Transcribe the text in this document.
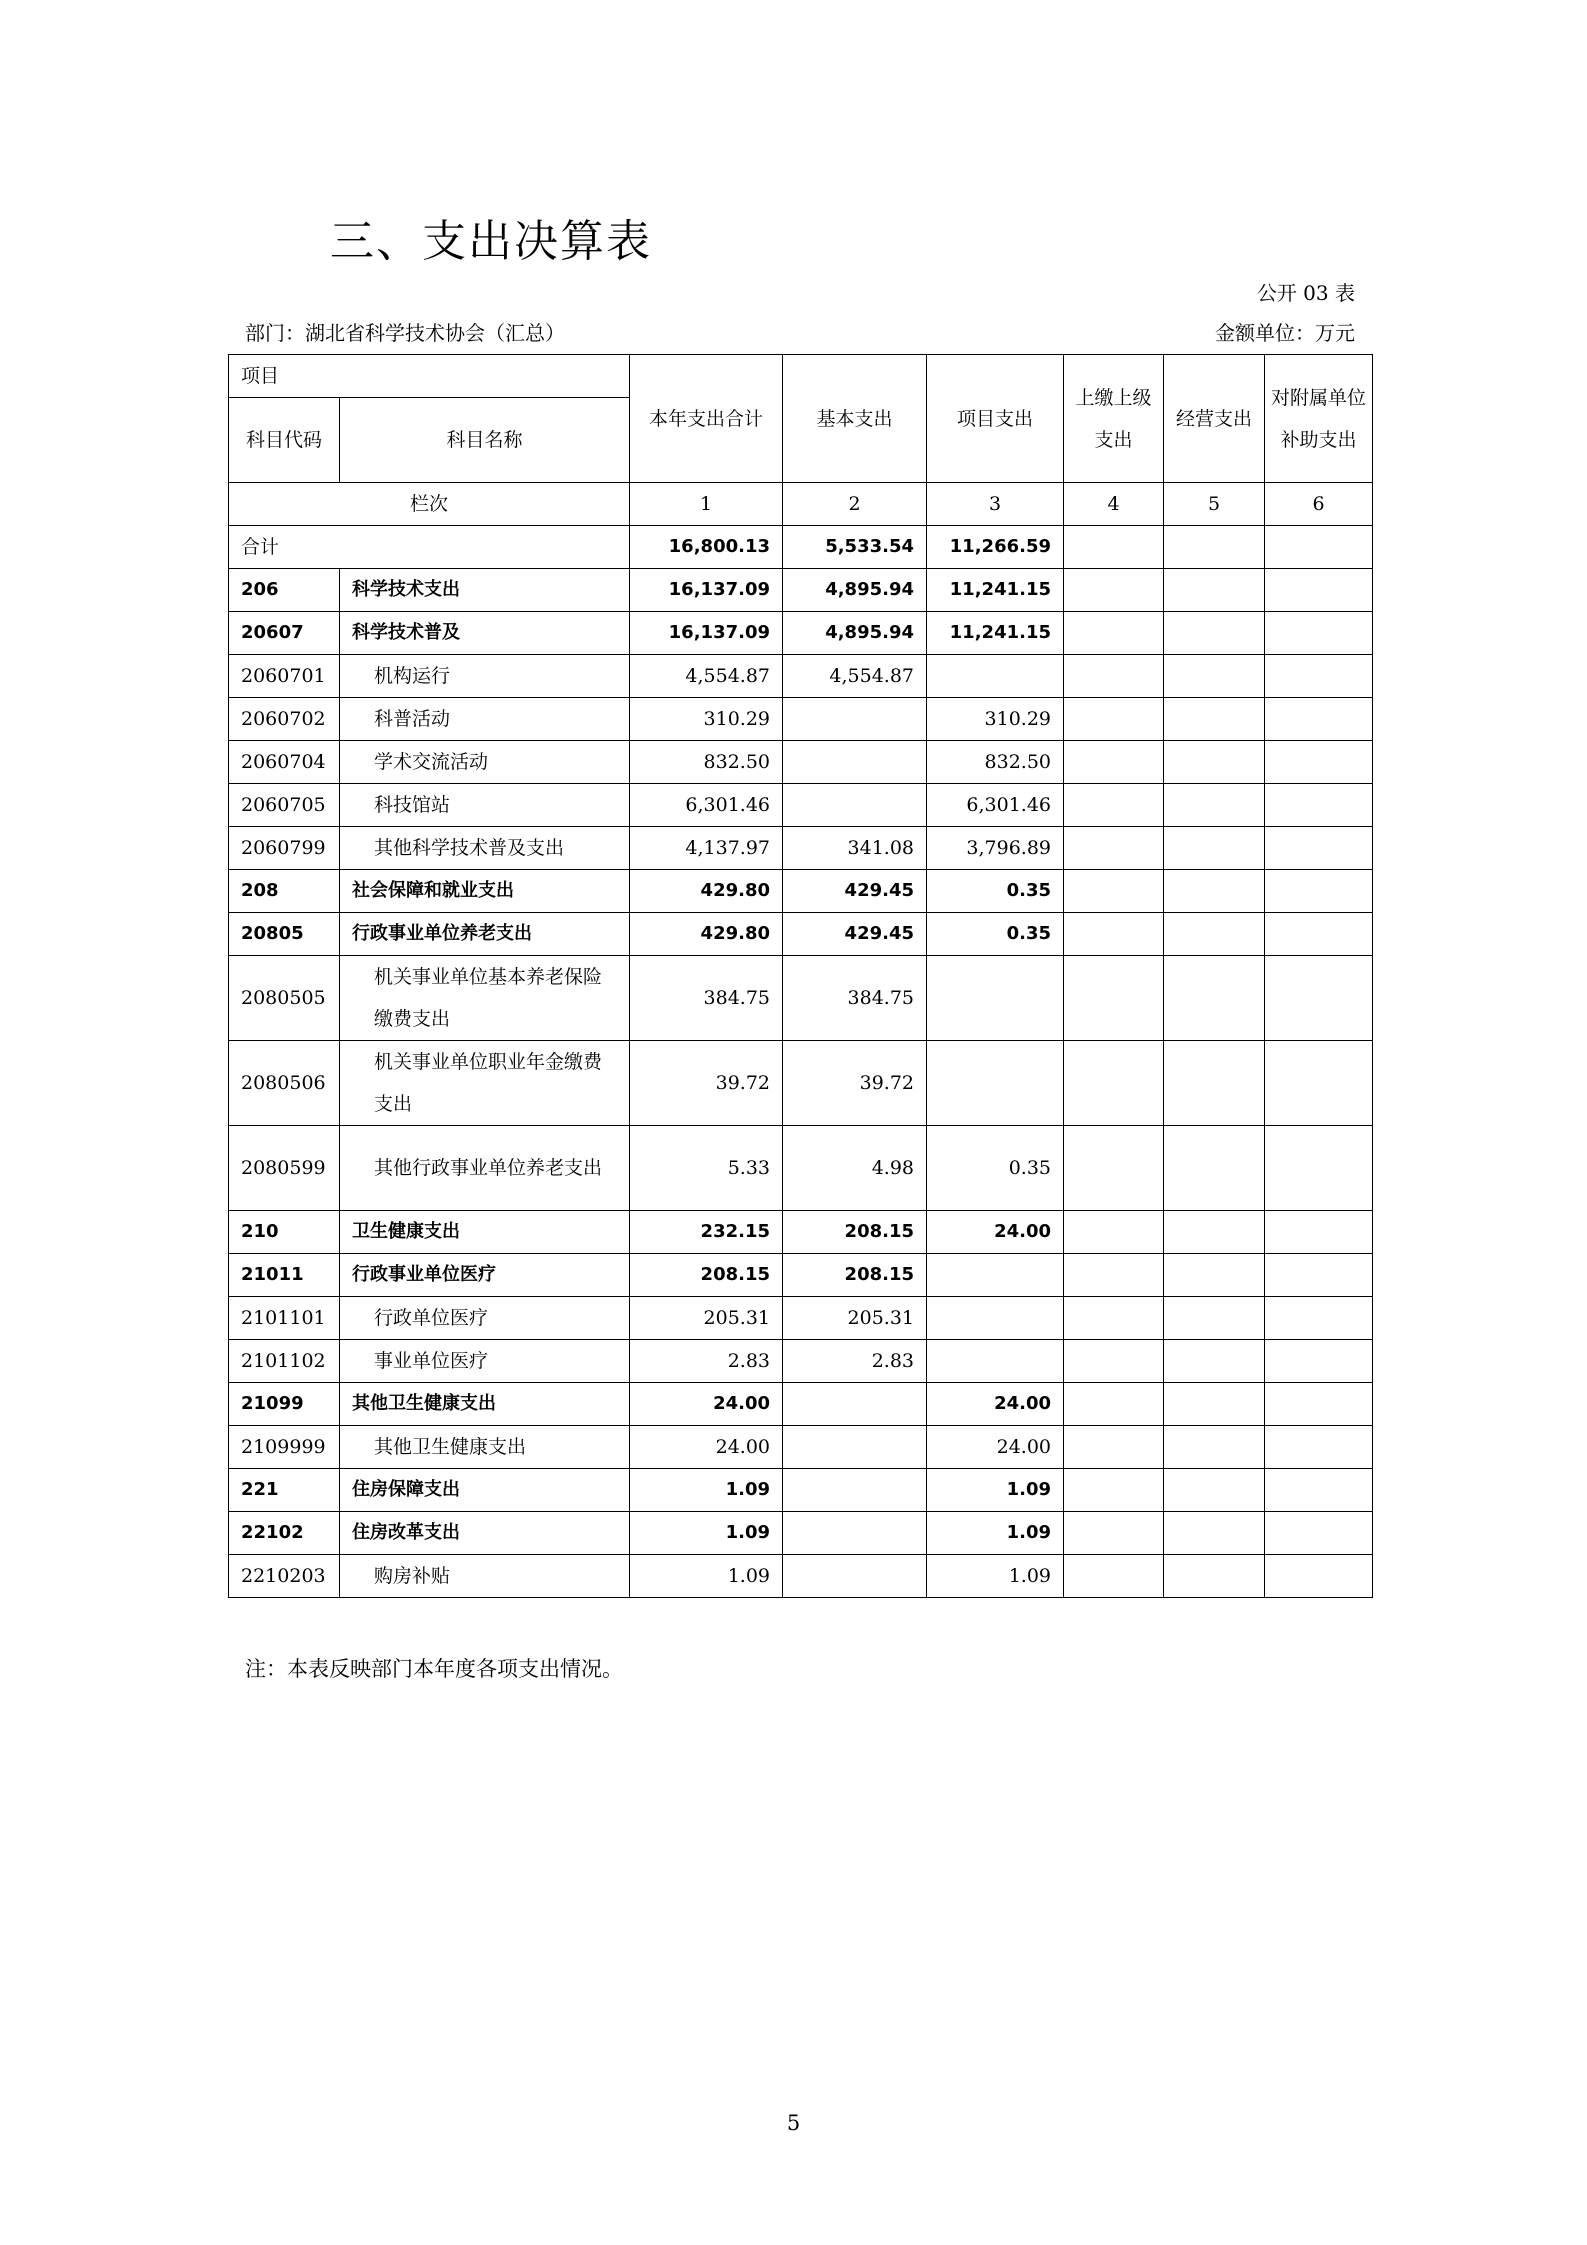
三、支出决算表
公开 03 表
部门：湖北省科学技术协会（汇总）	金额单位：万元
项目		本年支出合计	基本支出	项目支出	上缴上级支出	经营支出	对附属单位补助支出
科目代码	科目名称						
栏次		1	2	3	4	5	6
合计		16,800.13	5,533.54	11,266.59			
206	科学技术支出	16,137.09	4,895.94	11,241.15			
20607	科学技术普及	16,137.09	4,895.94	11,241.15			
2060701	机构运行	4,554.87	4,554.87				
2060702	科普活动	310.29		310.29			
2060704	学术交流活动	832.50		832.50			
2060705	科技馆站	6,301.46		6,301.46			
2060799	其他科学技术普及支出	4,137.97	341.08	3,796.89			
208	社会保障和就业支出	429.80	429.45	0.35			
20805	行政事业单位养老支出	429.80	429.45	0.35			
2080505	机关事业单位基本养老保险缴费支出	384.75	384.75				
2080506	机关事业单位职业年金缴费支出	39.72	39.72				
2080599	其他行政事业单位养老支出	5.33	4.98	0.35			
210	卫生健康支出	232.15	208.15	24.00			
21011	行政事业单位医疗	208.15	208.15				
2101101	行政单位医疗	205.31	205.31				
2101102	事业单位医疗	2.83	2.83				
21099	其他卫生健康支出	24.00		24.00			
2109999	其他卫生健康支出	24.00		24.00			
221	住房保障支出	1.09		1.09			
22102	住房改革支出	1.09		1.09			
2210203	购房补贴	1.09		1.09			
注：本表反映部门本年度各项支出情况。
5
